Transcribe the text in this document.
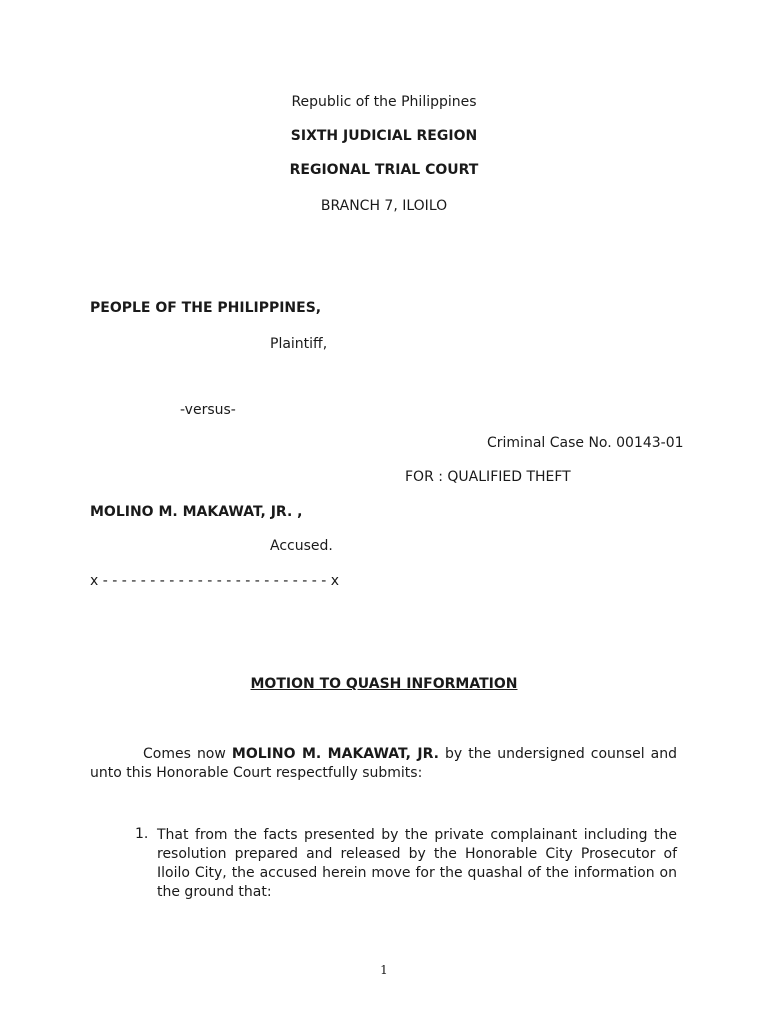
Republic of the Philippines
SIXTH JUDICIAL REGION
REGIONAL TRIAL COURT
BRANCH 7, ILOILO
PEOPLE OF THE PHILIPPINES,
Plaintiff,
-versus-
Criminal Case No. 00143-01
FOR : QUALIFIED THEFT
MOLINO M. MAKAWAT, JR. ,
Accused.
x - - - - - - - - - - - - - - - - - - - - - - - - x
MOTION TO QUASH INFORMATION
Comes now MOLINO M. MAKAWAT, JR. by the undersigned counsel and unto this Honorable Court respectfully submits:
1. That from the facts presented by the private complainant including the resolution prepared and released by the Honorable City Prosecutor of Iloilo City, the accused herein move for the quashal of the information on the ground that:
1
